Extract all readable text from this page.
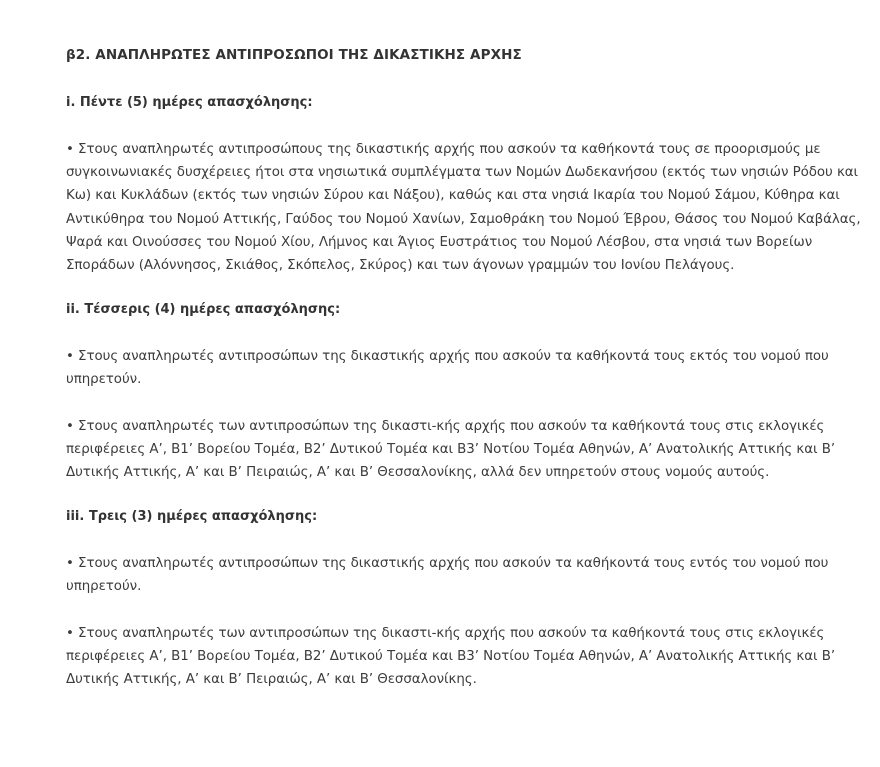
β2. ΑΝΑΠΛΗΡΩΤΕΣ ΑΝΤΙΠΡΟΣΩΠΟΙ ΤΗΣ ΔΙΚΑΣΤΙΚΗΣ ΑΡΧΗΣ

i. Πέντε (5) ημέρες απασχόλησης:

• Στους αναπληρωτές αντιπροσώπους της δικαστικής αρχής που ασκούν τα καθήκοντά τους σε προορισμούς με συγκοινωνιακές δυσχέρειες ήτοι στα νησιωτικά συμπλέγματα των Νομών Δωδεκανήσου (εκτός των νησιών Ρόδου και Κω) και Κυκλάδων (εκτός των νησιών Σύρου και Νάξου), καθώς και στα νησιά Ικαρία του Νομού Σάμου, Κύθηρα και Αντικύθηρα του Νομού Αττικής, Γαύδος του Νομού Χανίων, Σαμοθράκη του Νομού Έβρου, Θάσος του Νομού Καβάλας, Ψαρά και Οινούσσες του Νομού Χίου, Λήμνος και Άγιος Ευστράτιος του Νομού Λέσβου, στα νησιά των Βορείων Σποράδων (Αλόννησος, Σκιάθος, Σκόπελος, Σκύρος) και των άγονων γραμμών του Ιονίου Πελάγους.

ii. Τέσσερις (4) ημέρες απασχόλησης:

• Στους αναπληρωτές αντιπροσώπων της δικαστικής αρχής που ασκούν τα καθήκοντά τους εκτός του νομού που υπηρετούν.

• Στους αναπληρωτές των αντιπροσώπων της δικαστι-κής αρχής που ασκούν τα καθήκοντά τους στις εκλογικές περιφέρειες Α’, Β1’ Βορείου Τομέα, Β2’ Δυτικού Τομέα και Β3’ Νοτίου Τομέα Αθηνών, Α’ Ανατολικής Αττικής και Β’ Δυτικής Αττικής, Α’ και Β’ Πειραιώς, Α’ και Β’ Θεσσαλονίκης, αλλά δεν υπηρετούν στους νομούς αυτούς.

iii. Τρεις (3) ημέρες απασχόλησης:

• Στους αναπληρωτές αντιπροσώπων της δικαστικής αρχής που ασκούν τα καθήκοντά τους εντός του νομού που υπηρετούν.

• Στους αναπληρωτές των αντιπροσώπων της δικαστι-κής αρχής που ασκούν τα καθήκοντά τους στις εκλογικές περιφέρειες Α’, Β1’ Βορείου Τομέα, Β2’ Δυτικού Τομέα και Β3’ Νοτίου Τομέα Αθηνών, Α’ Ανατολικής Αττικής και Β’ Δυτικής Αττικής, Α’ και Β’ Πειραιώς, Α’ και Β’ Θεσσαλονίκης.
